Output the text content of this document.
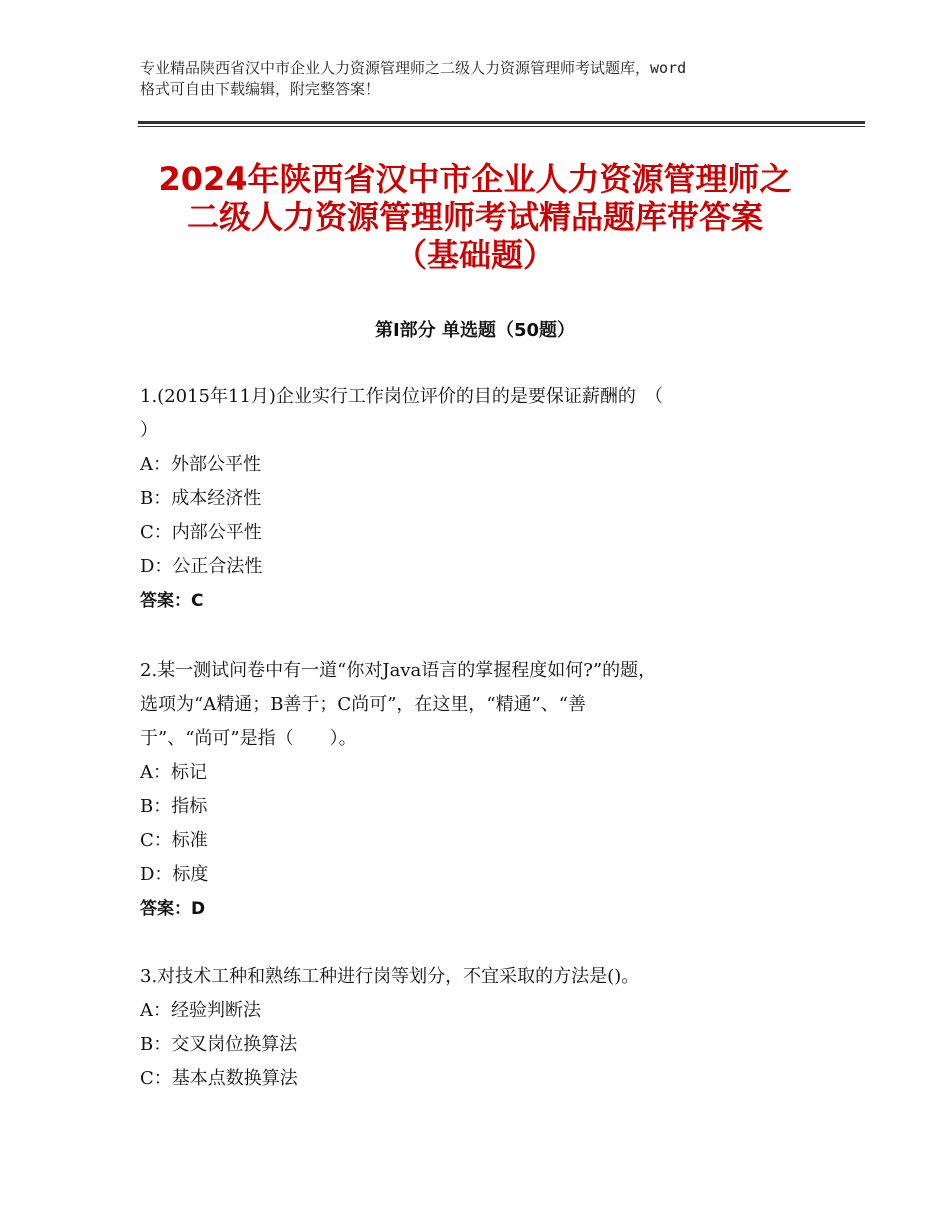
专业精品陕西省汉中市企业人力资源管理师之二级人力资源管理师考试题库，word
格式可自由下载编辑，附完整答案！
2024年陕西省汉中市企业人力资源管理师之
二级人力资源管理师考试精品题库带答案
（基础题）
第Ⅰ部分 单选题（50题）
1.(2015年11月)企业实行工作岗位评价的目的是要保证薪酬的　（
）
A：外部公平性
B：成本经济性
C：内部公平性
D：公正合法性
答案：C
2.某一测试问卷中有一道“你对Java语言的掌握程度如何?”的题，
选项为“A精通；B善于；C尚可”，在这里，“精通”、“善
于”、“尚可”是指（　　）。
A：标记
B：指标
C：标准
D：标度
答案：D
3.对技术工种和熟练工种进行岗等划分，不宜采取的方法是()。
A：经验判断法
B：交叉岗位换算法
C：基本点数换算法
